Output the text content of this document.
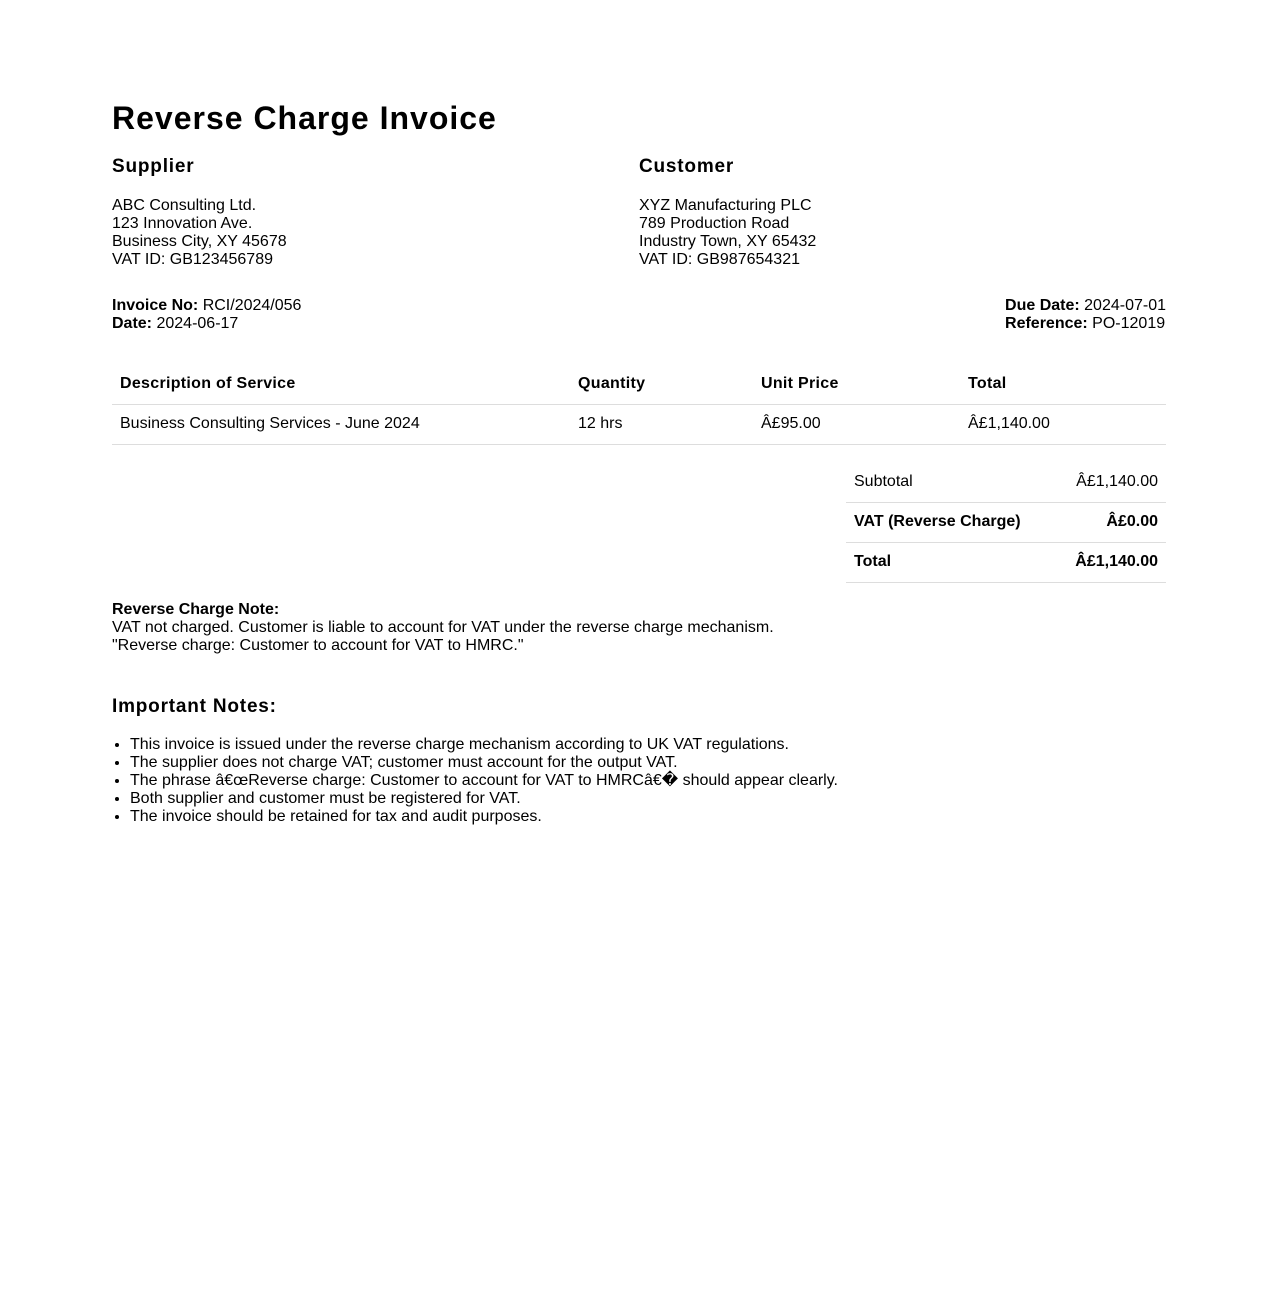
Reverse Charge Invoice
Supplier
ABC Consulting Ltd.
123 Innovation Ave.
Business City, XY 45678
VAT ID: GB123456789
Customer
XYZ Manufacturing PLC
789 Production Road
Industry Town, XY 65432
VAT ID: GB987654321
Invoice No: RCI/2024/056
Date: 2024-06-17
Due Date: 2024-07-01
Reference: PO-12019
Description of Service	Quantity	Unit Price	Total
Business Consulting Services - June 2024	12 hrs	Â£95.00	Â£1,140.00
Subtotal	Â£1,140.00
VAT (Reverse Charge)	Â£0.00
Total	Â£1,140.00
Reverse Charge Note:
VAT not charged. Customer is liable to account for VAT under the reverse charge mechanism.
"Reverse charge: Customer to account for VAT to HMRC."
Important Notes:
• This invoice is issued under the reverse charge mechanism according to UK VAT regulations.
• The supplier does not charge VAT; customer must account for the output VAT.
• The phrase â€œReverse charge: Customer to account for VAT to HMRCâ€� should appear clearly.
• Both supplier and customer must be registered for VAT.
• The invoice should be retained for tax and audit purposes.
